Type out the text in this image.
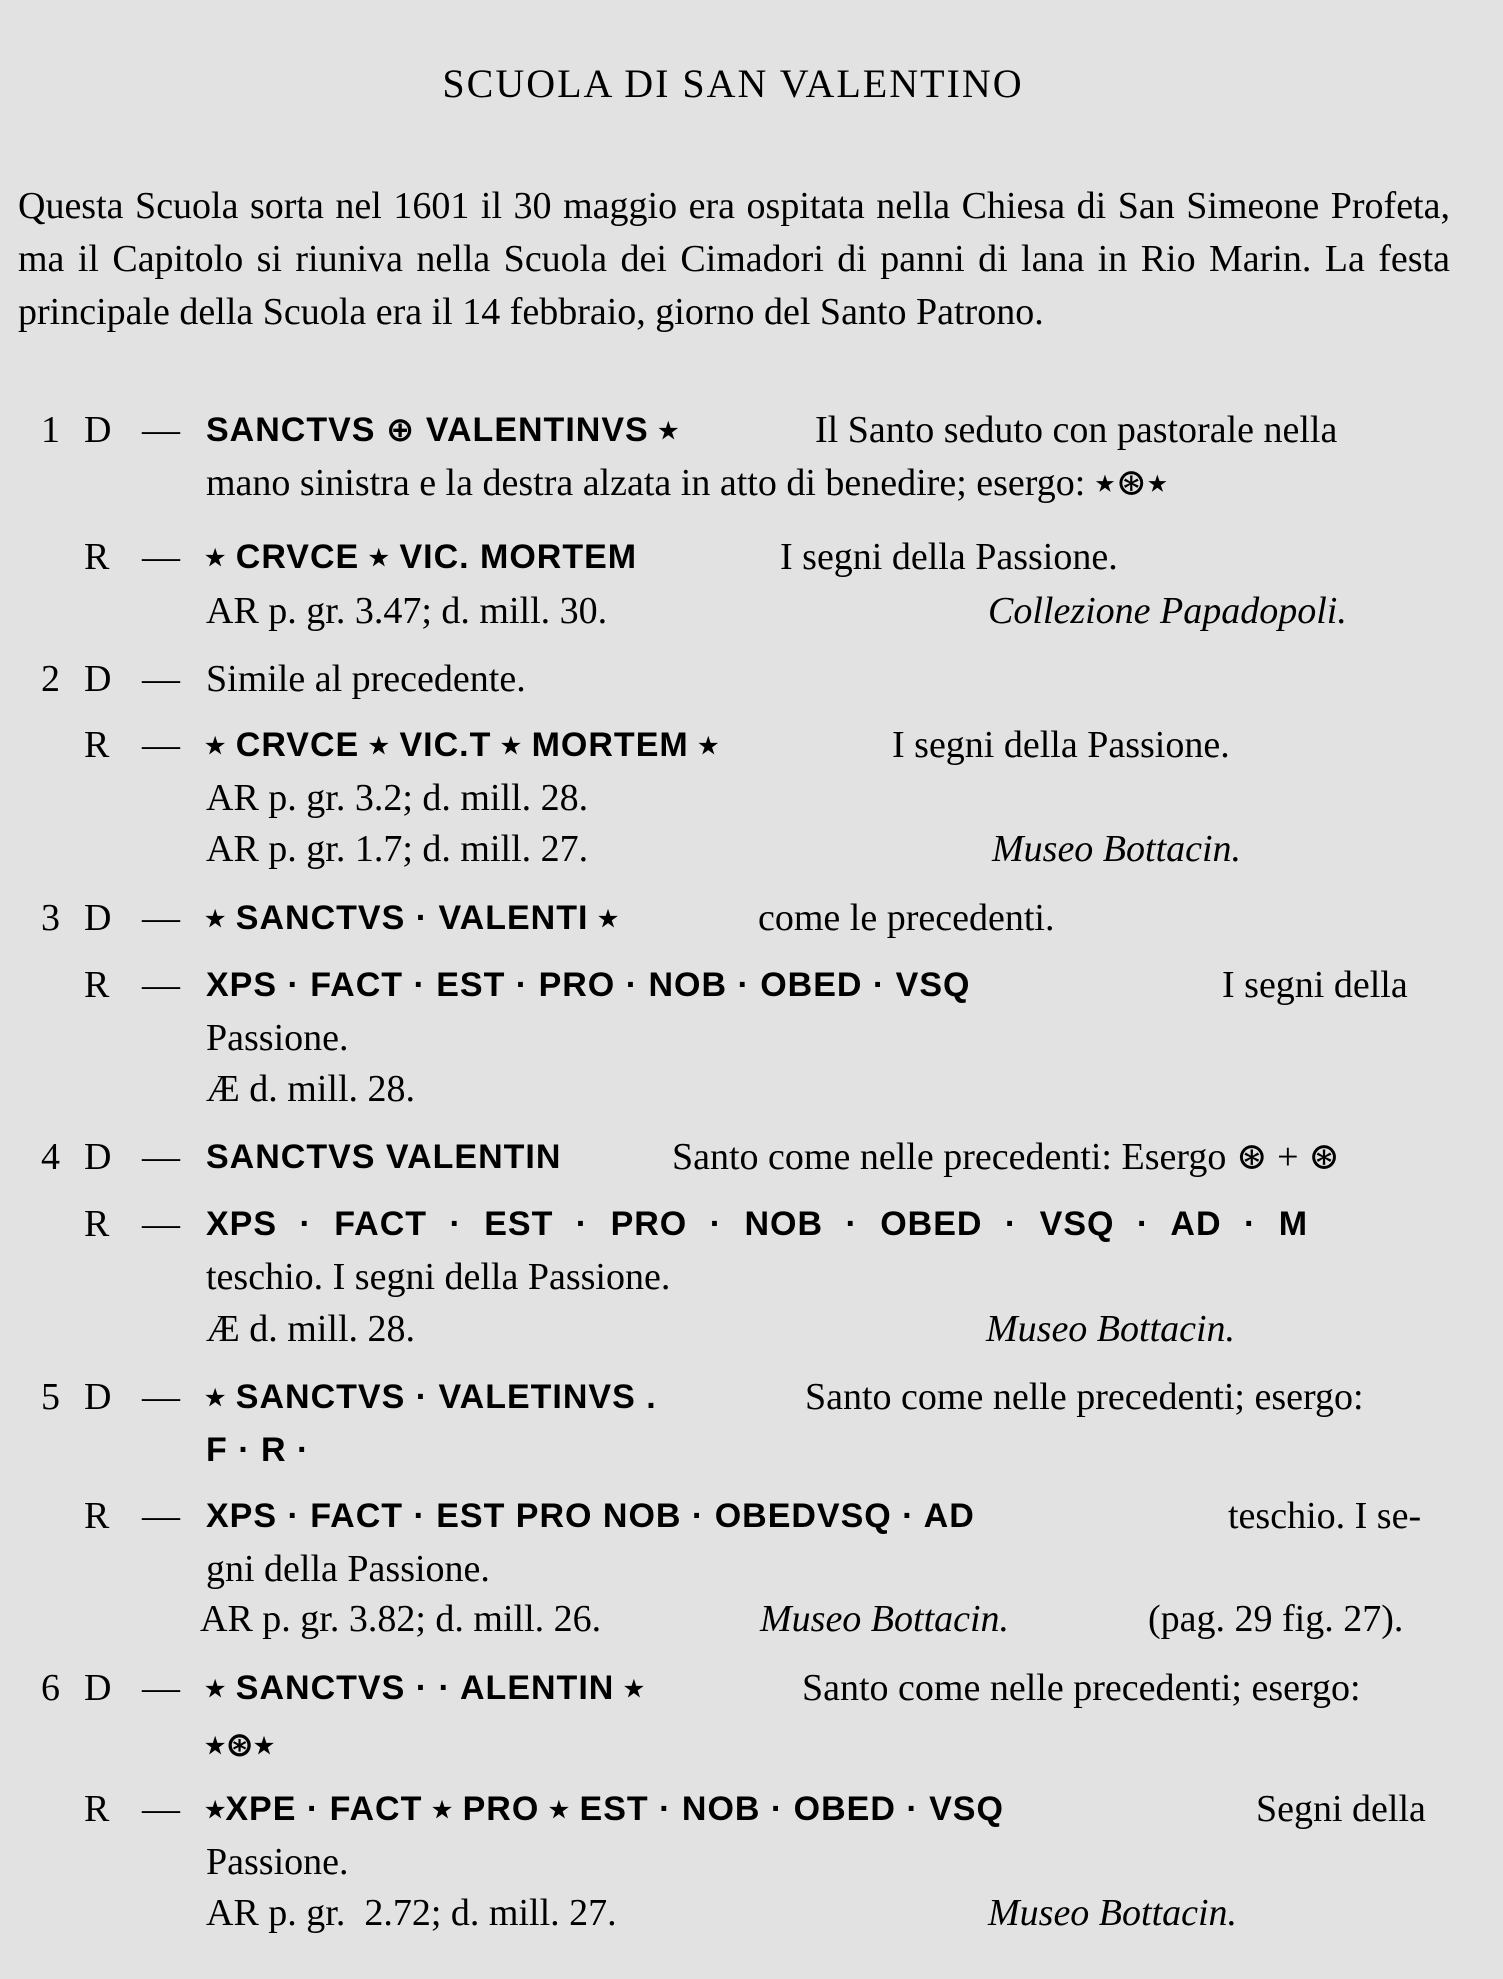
SCUOLA DI SAN VALENTINO
Questa Scuola sorta nel 1601 il 30 maggio era ospitata nella Chiesa di San Simeone Profeta, ma il Capitolo si riuniva nella Scuola dei Cimadori di panni di lana in Rio Marin. La festa principale della Scuola era il 14 febbraio, giorno del Santo Patrono.
1 D — SANCTVS ⊕ VALENTINVS ⭑	Il Santo seduto con pastorale nella
mano sinistra e la destra alzata in atto di benedire; esergo: ⭑⊛⭑
R — ⭑ CRVCE ⭑ VIC. MORTEM	I segni della Passione.
AR p. gr. 3.47; d. mill. 30.	Collezione Papadopoli.
2 D — Simile al precedente.
R — ⭑ CRVCE ⭑ VIC.T ⭑ MORTEM ⭑	I segni della Passione.
AR p. gr. 3.2; d. mill. 28.
AR p. gr. 1.7; d. mill. 27.	Museo Bottacin.
3 D — ⭑ SANCTVS · VALENTI ⭑	come le precedenti.
R — XPS · FACT · EST · PRO · NOB · OBED · VSQ	I segni della
Passione.
Æ d. mill. 28.
4 D — SANCTVS VALENTIN	Santo come nelle precedenti: Esergo ⊛ + ⊛
R — XPS · FACT · EST · PRO · NOB · OBED · VSQ · AD · M
teschio. I segni della Passione.
Æ d. mill. 28.	Museo Bottacin.
5 D — ⭑ SANCTVS · VALETINVS .	Santo come nelle precedenti; esergo:
F · R ·
R — XPS · FACT · EST PRO NOB · OBEDVSQ · AD	teschio. I se-
gni della Passione.
AR p. gr. 3.82; d. mill. 26.	Museo Bottacin.	(pag. 29 fig. 27).
6 D — ⭑ SANCTVS · · ALENTIN ⭑	Santo come nelle precedenti; esergo:
⭑⊛⭑
R — ⭑XPE · FACT ⭑ PRO ⭑ EST · NOB · OBED · VSQ	Segni della
Passione.
AR p. gr.  2.72; d. mill. 27.	Museo Bottacin.
